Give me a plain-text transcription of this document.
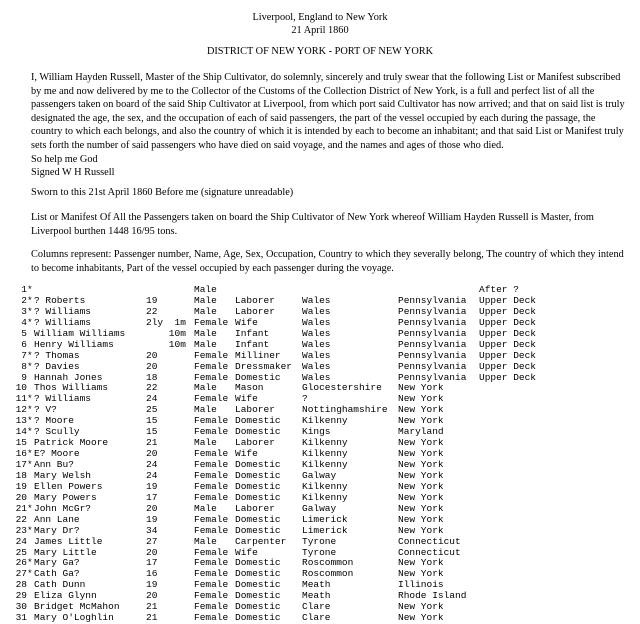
Liverpool, England to New York
21 April 1860
DISTRICT OF NEW YORK - PORT OF NEW YORK
I, William Hayden Russell, Master of the Ship Cultivator, do solemnly, sincerely and truly swear that the following List or Manifest subscribed
by me and now delivered by me to the Collector of the Customs of the Collection District of New York, is a full and perfect list of all the
passengers taken on board of the said Ship Cultivator at Liverpool, from which port said Cultivator has now arrived; and that on said list is truly
designated the age, the sex, and the occupation of each of said passengers, the part of the vessel occupied by each during the passage, the
country to which each belongs, and also the country of which it is intended by each to become an inhabitant; and that said List or Manifest truly
sets forth the number of said passengers who have died on said voyage, and the names and ages of those who died.
So help me God
Signed W H Russell
Sworn to this 21st April 1860 Before me (signature unreadable)
List or Manifest Of All the Passengers taken on board the Ship Cultivator of New York whereof William Hayden Russell is Master, from
Liverpool burthen 1448 16/95 tons.
Columns represent: Passenger number, Name, Age, Sex, Occupation, Country to which they severally belong, The country of which they intend
to become inhabitants, Part of the vessel occupied by each passenger during the voyage.
1 *	Male	After ?
2 * ? Roberts	19	Male Laborer	Wales	Pennsylvania Upper Deck
3 * ? Williams	22	Male Laborer	Wales	Pennsylvania Upper Deck
4 * ? Williams	2ly  1m Female Wife	Wales	Pennsylvania Upper Deck
5 William Williams 10m Male Infant	Wales	Pennsylvania Upper Deck
6 Henry Williams	10m Male Infant	Wales	Pennsylvania Upper Deck
7 * ? Thomas	20	Female Milliner Wales	Pennsylvania Upper Deck
8 * ? Davies	20	Female Dressmaker Wales	Pennsylvania Upper Deck
9 Hannah Jones	18	Female Domestic Wales	Pennsylvania Upper Deck
10 Thos Williams	22	Male Mason	Glocestershire New York
11 * ? Williams	24	Female Wife	?	New York
12 * ? V?	25	Male Laborer	Nottinghamshire New York
13 * ? Moore	15	Female Domestic Kilkenny	New York
14 * ? Scully	15	Female Domestic Kings	Maryland
15 Patrick Moore	21	Male Laborer	Kilkenny	New York
16 * E? Moore	20	Female Wife	Kilkenny	New York
17 * Ann Bu?	24	Female Domestic Kilkenny	New York
18 Mary Welsh	24	Female Domestic Galway	New York
19 Ellen Powers	19	Female Domestic Kilkenny	New York
20 Mary Powers	17	Female Domestic Kilkenny	New York
21 * John McGr?	20	Male Laborer	Galway	New York
22 Ann Lane	19	Female Domestic Limerick	New York
23 * Mary Dr?	34	Female Domestic Limerick	New York
24 James Little	27	Male Carpenter Tyrone	Connecticut
25 Mary Little	20	Female Wife	Tyrone	Connecticut
26 * Mary Ga?	17	Female Domestic Roscommon	New York
27 * Cath Ga?	16	Female Domestic Roscommon	New York
28 Cath Dunn	19	Female Domestic Meath	Illinois
29 Eliza Glynn	20	Female Domestic Meath	Rhode Island
30 Bridget McMahon	21	Female Domestic Clare	New York
31 Mary O'Loghlin	21	Female Domestic Clare	New York
